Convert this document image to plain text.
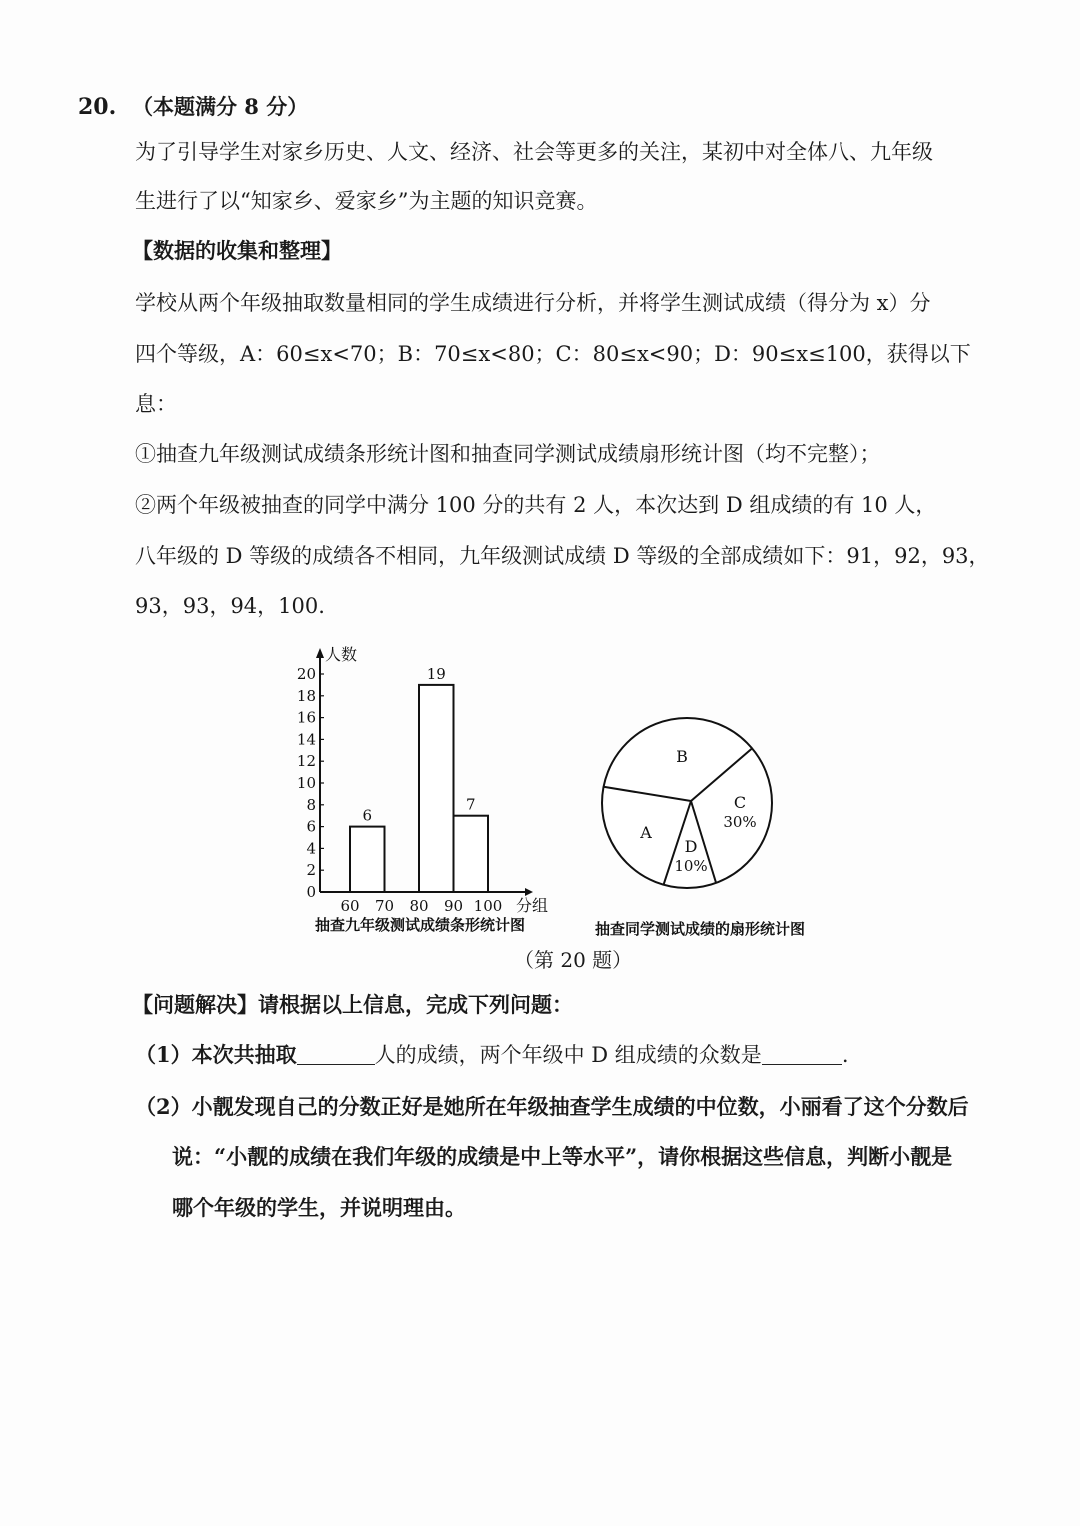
20. （本题满分 8 分）
为了引导学生对家乡历史、人文、经济、社会等更多的关注，某初中对全体八、九年级
生进行了以“知家乡、爱家乡”为主题的知识竞赛。
【数据的收集和整理】
学校从两个年级抽取数量相同的学生成绩进行分析，并将学生测试成绩（得分为 x）分
四个等级，A：60≤x<70；B：70≤x<80；C：80≤x<90；D：90≤x≤100，获得以下
息：
①抽查九年级测试成绩条形统计图和抽查同学测试成绩扇形统计图（均不完整）；
②两个年级被抽查的同学中满分 100 分的共有 2 人，本次达到 D 组成绩的有 10 人，
八年级的 D 等级的成绩各不相同，九年级测试成绩 D 等级的全部成绩如下：91，92，93，
93，93，94，100.
0
2
4
6
8
10
12
14
16
18
20
人数
60 70 80 90 100 分组
6
19
7
抽查九年级测试成绩条形统计图
A
B
C
30%
D
10%
抽查同学测试成绩的扇形统计图
（第 20 题）
【问题解决】请根据以上信息，完成下列问题：
（1）本次共抽取	人的成绩，两个年级中 D 组成绩的众数是	.
（2）小靓发现自己的分数正好是她所在年级抽查学生成绩的中位数，小丽看了这个分数后
说：“小靓的成绩在我们年级的成绩是中上等水平”，请你根据这些信息，判断小靓是
哪个年级的学生，并说明理由。
